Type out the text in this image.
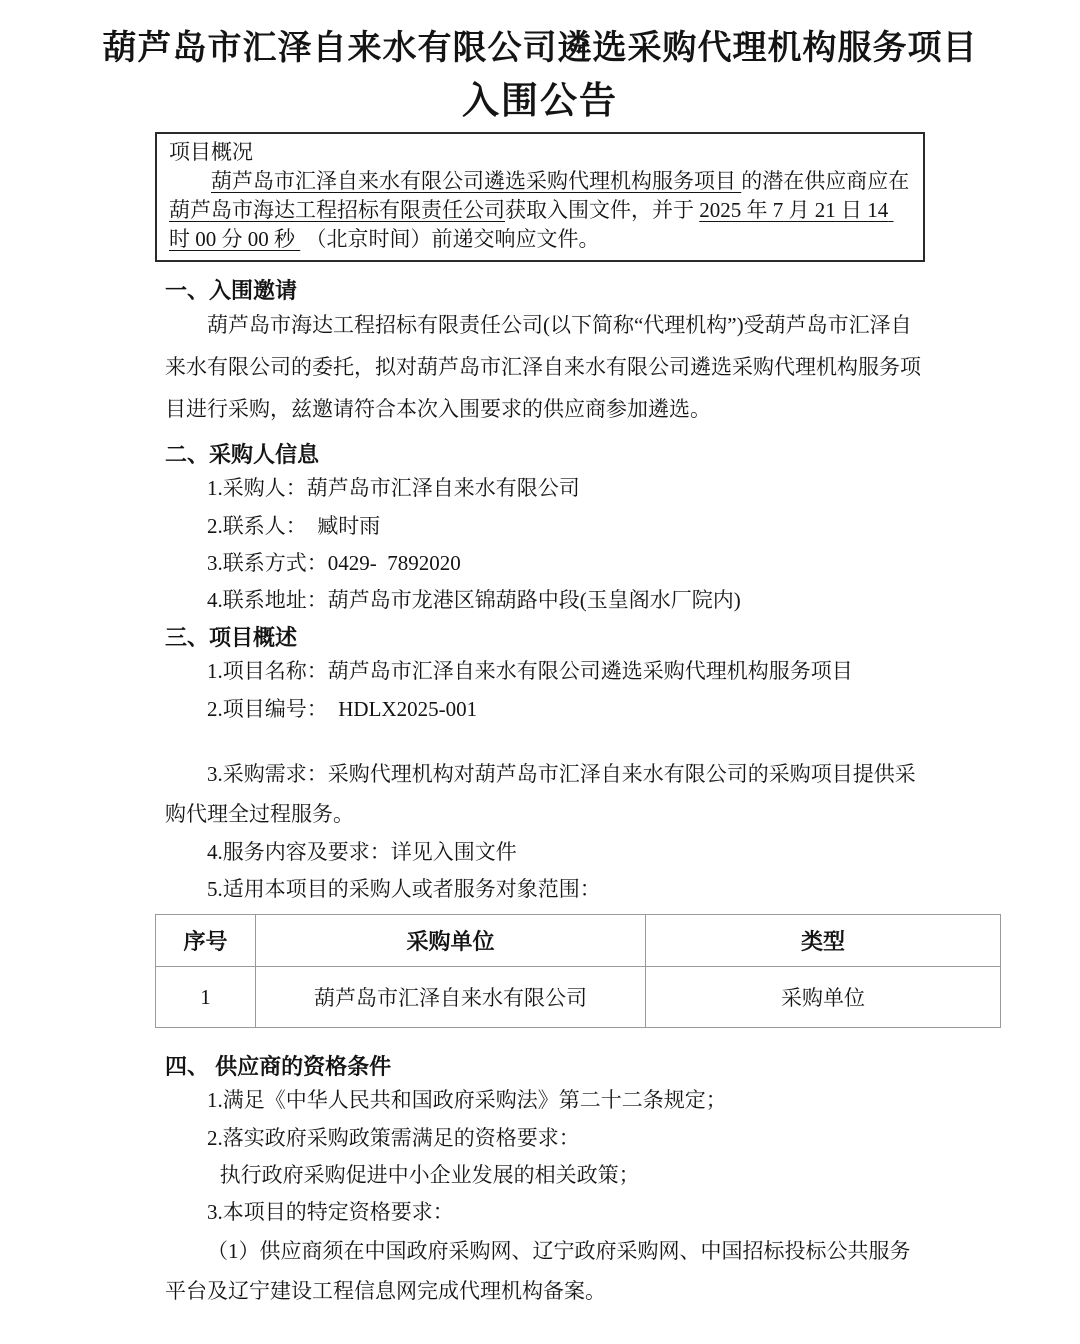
葫芦岛市汇泽自来水有限公司遴选采购代理机构服务项目
入围公告
项目概况
葫芦岛市汇泽自来水有限公司遴选采购代理机构服务项目 的潜在供应商应在葫芦岛市海达工程招标有限责任公司获取入围文件，并于 2025 年 7 月 21 日 14 时 00 分 00 秒  （北京时间）前递交响应文件。
一、入围邀请

葫芦岛市海达工程招标有限责任公司(以下简称“代理机构”)受葫芦岛市汇泽自来水有限公司的委托，拟对葫芦岛市汇泽自来水有限公司遴选采购代理机构服务项目进行采购，兹邀请符合本次入围要求的供应商参加遴选。

二、采购人信息

1.采购人：葫芦岛市汇泽自来水有限公司

2.联系人：  臧时雨

3.联系方式：0429-  7892020

4.联系地址：葫芦岛市龙港区锦葫路中段(玉皇阁水厂院内)

三、项目概述

1.项目名称：葫芦岛市汇泽自来水有限公司遴选采购代理机构服务项目

2.项目编号：  HDLX2025-001

3.采购需求：采购代理机构对葫芦岛市汇泽自来水有限公司的采购项目提供采购代理全过程服务。

4.服务内容及要求：详见入围文件

5.适用本项目的采购人或者服务对象范围：

序号	采购单位	类型
1	葫芦岛市汇泽自来水有限公司	采购单位
四、 供应商的资格条件

1.满足《中华人民共和国政府采购法》第二十二条规定；

2.落实政府采购政策需满足的资格要求：

执行政府采购促进中小企业发展的相关政策；

3.本项目的特定资格要求：

（1）供应商须在中国政府采购网、辽宁政府采购网、中国招标投标公共服务平台及辽宁建设工程信息网完成代理机构备案。
